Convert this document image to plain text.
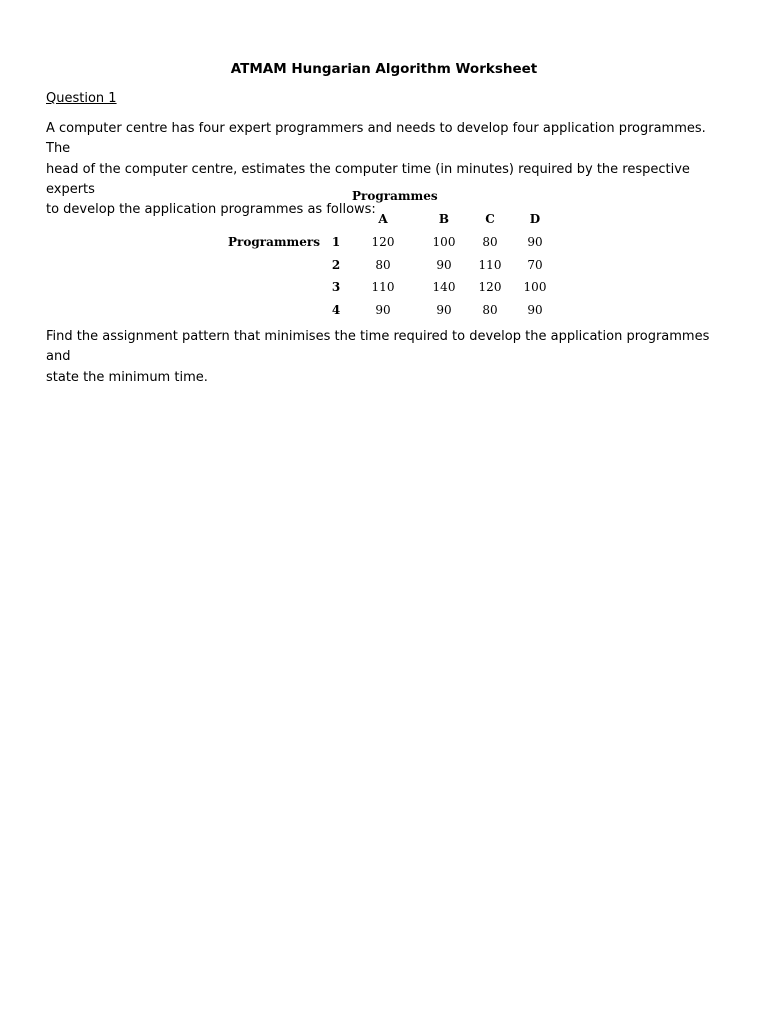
ATMAM Hungarian Algorithm Worksheet
Question 1
A computer centre has four expert programmers and needs to develop four application programmes. The
head of the computer centre, estimates the computer time (in minutes) required by the respective experts
to develop the application programmes as follows:
Programmes
A	B	C	D
Programmers 1	120	100 80 90
2	80	90 110 70
3	110	140 120 100
4	90	90	80 90
Find the assignment pattern that minimises the time required to develop the application programmes and
state the minimum time.
